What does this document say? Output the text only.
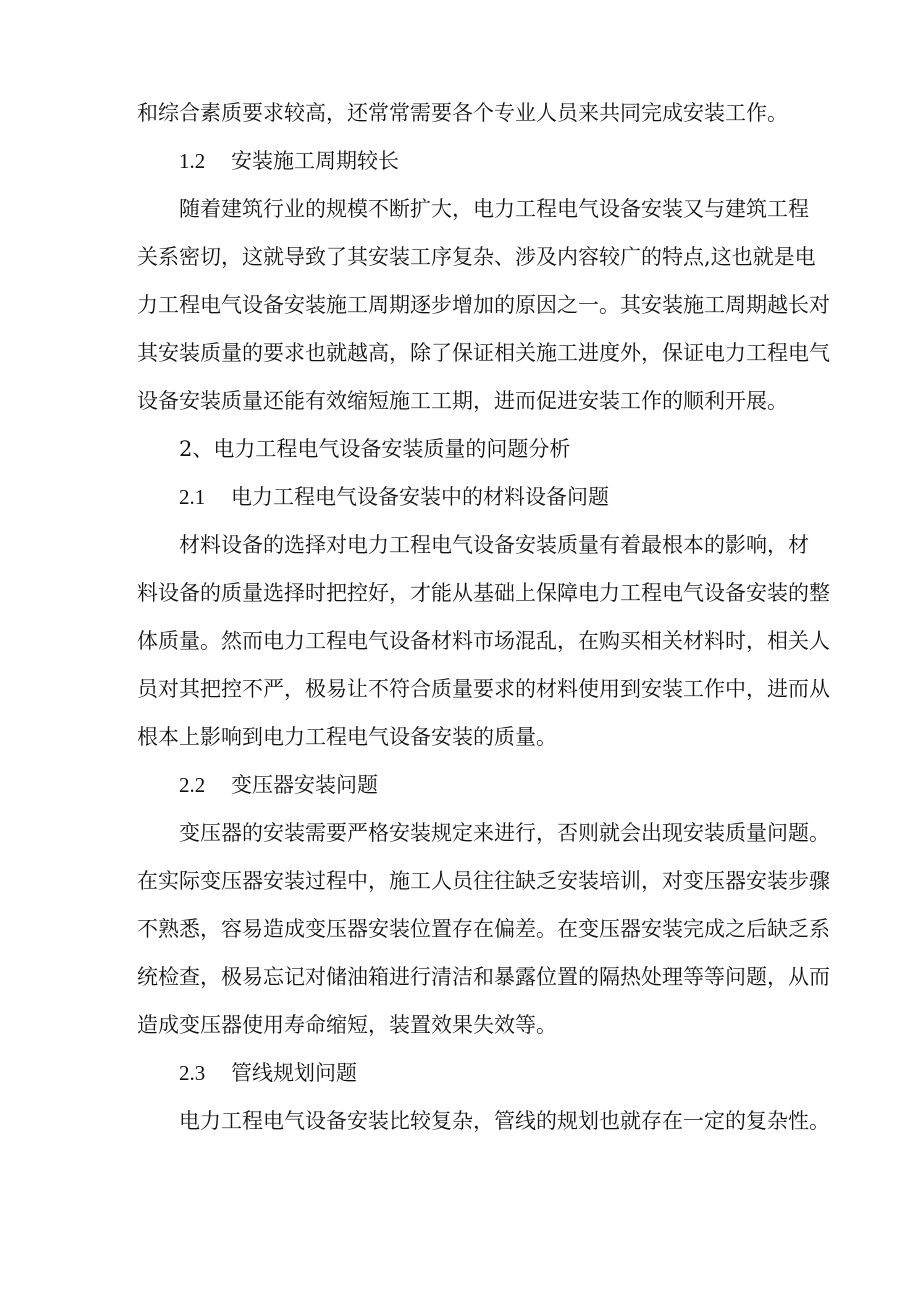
和综合素质要求较高，还常常需要各个专业人员来共同完成安装工作。
1.2 安装施工周期较长
随着建筑行业的规模不断扩大，电力工程电气设备安装又与建筑工程
关系密切，这就导致了其安装工序复杂、涉及内容较广的特点,这也就是电
力工程电气设备安装施工周期逐步增加的原因之一。其安装施工周期越长对
其安装质量的要求也就越高，除了保证相关施工进度外，保证电力工程电气
设备安装质量还能有效缩短施工工期，进而促进安装工作的顺利开展。
2、电力工程电气设备安装质量的问题分析
2.1 电力工程电气设备安装中的材料设备问题
材料设备的选择对电力工程电气设备安装质量有着最根本的影响，材
料设备的质量选择时把控好，才能从基础上保障电力工程电气设备安装的整
体质量。然而电力工程电气设备材料市场混乱，在购买相关材料时，相关人
员对其把控不严，极易让不符合质量要求的材料使用到安装工作中，进而从
根本上影响到电力工程电气设备安装的质量。
2.2 变压器安装问题
变压器的安装需要严格安装规定来进行，否则就会出现安装质量问题。
在实际变压器安装过程中，施工人员往往缺乏安装培训，对变压器安装步骤
不熟悉，容易造成变压器安装位置存在偏差。在变压器安装完成之后缺乏系
统检查，极易忘记对储油箱进行清洁和暴露位置的隔热处理等等问题，从而
造成变压器使用寿命缩短，装置效果失效等。
2.3 管线规划问题
电力工程电气设备安装比较复杂，管线的规划也就存在一定的复杂性。
